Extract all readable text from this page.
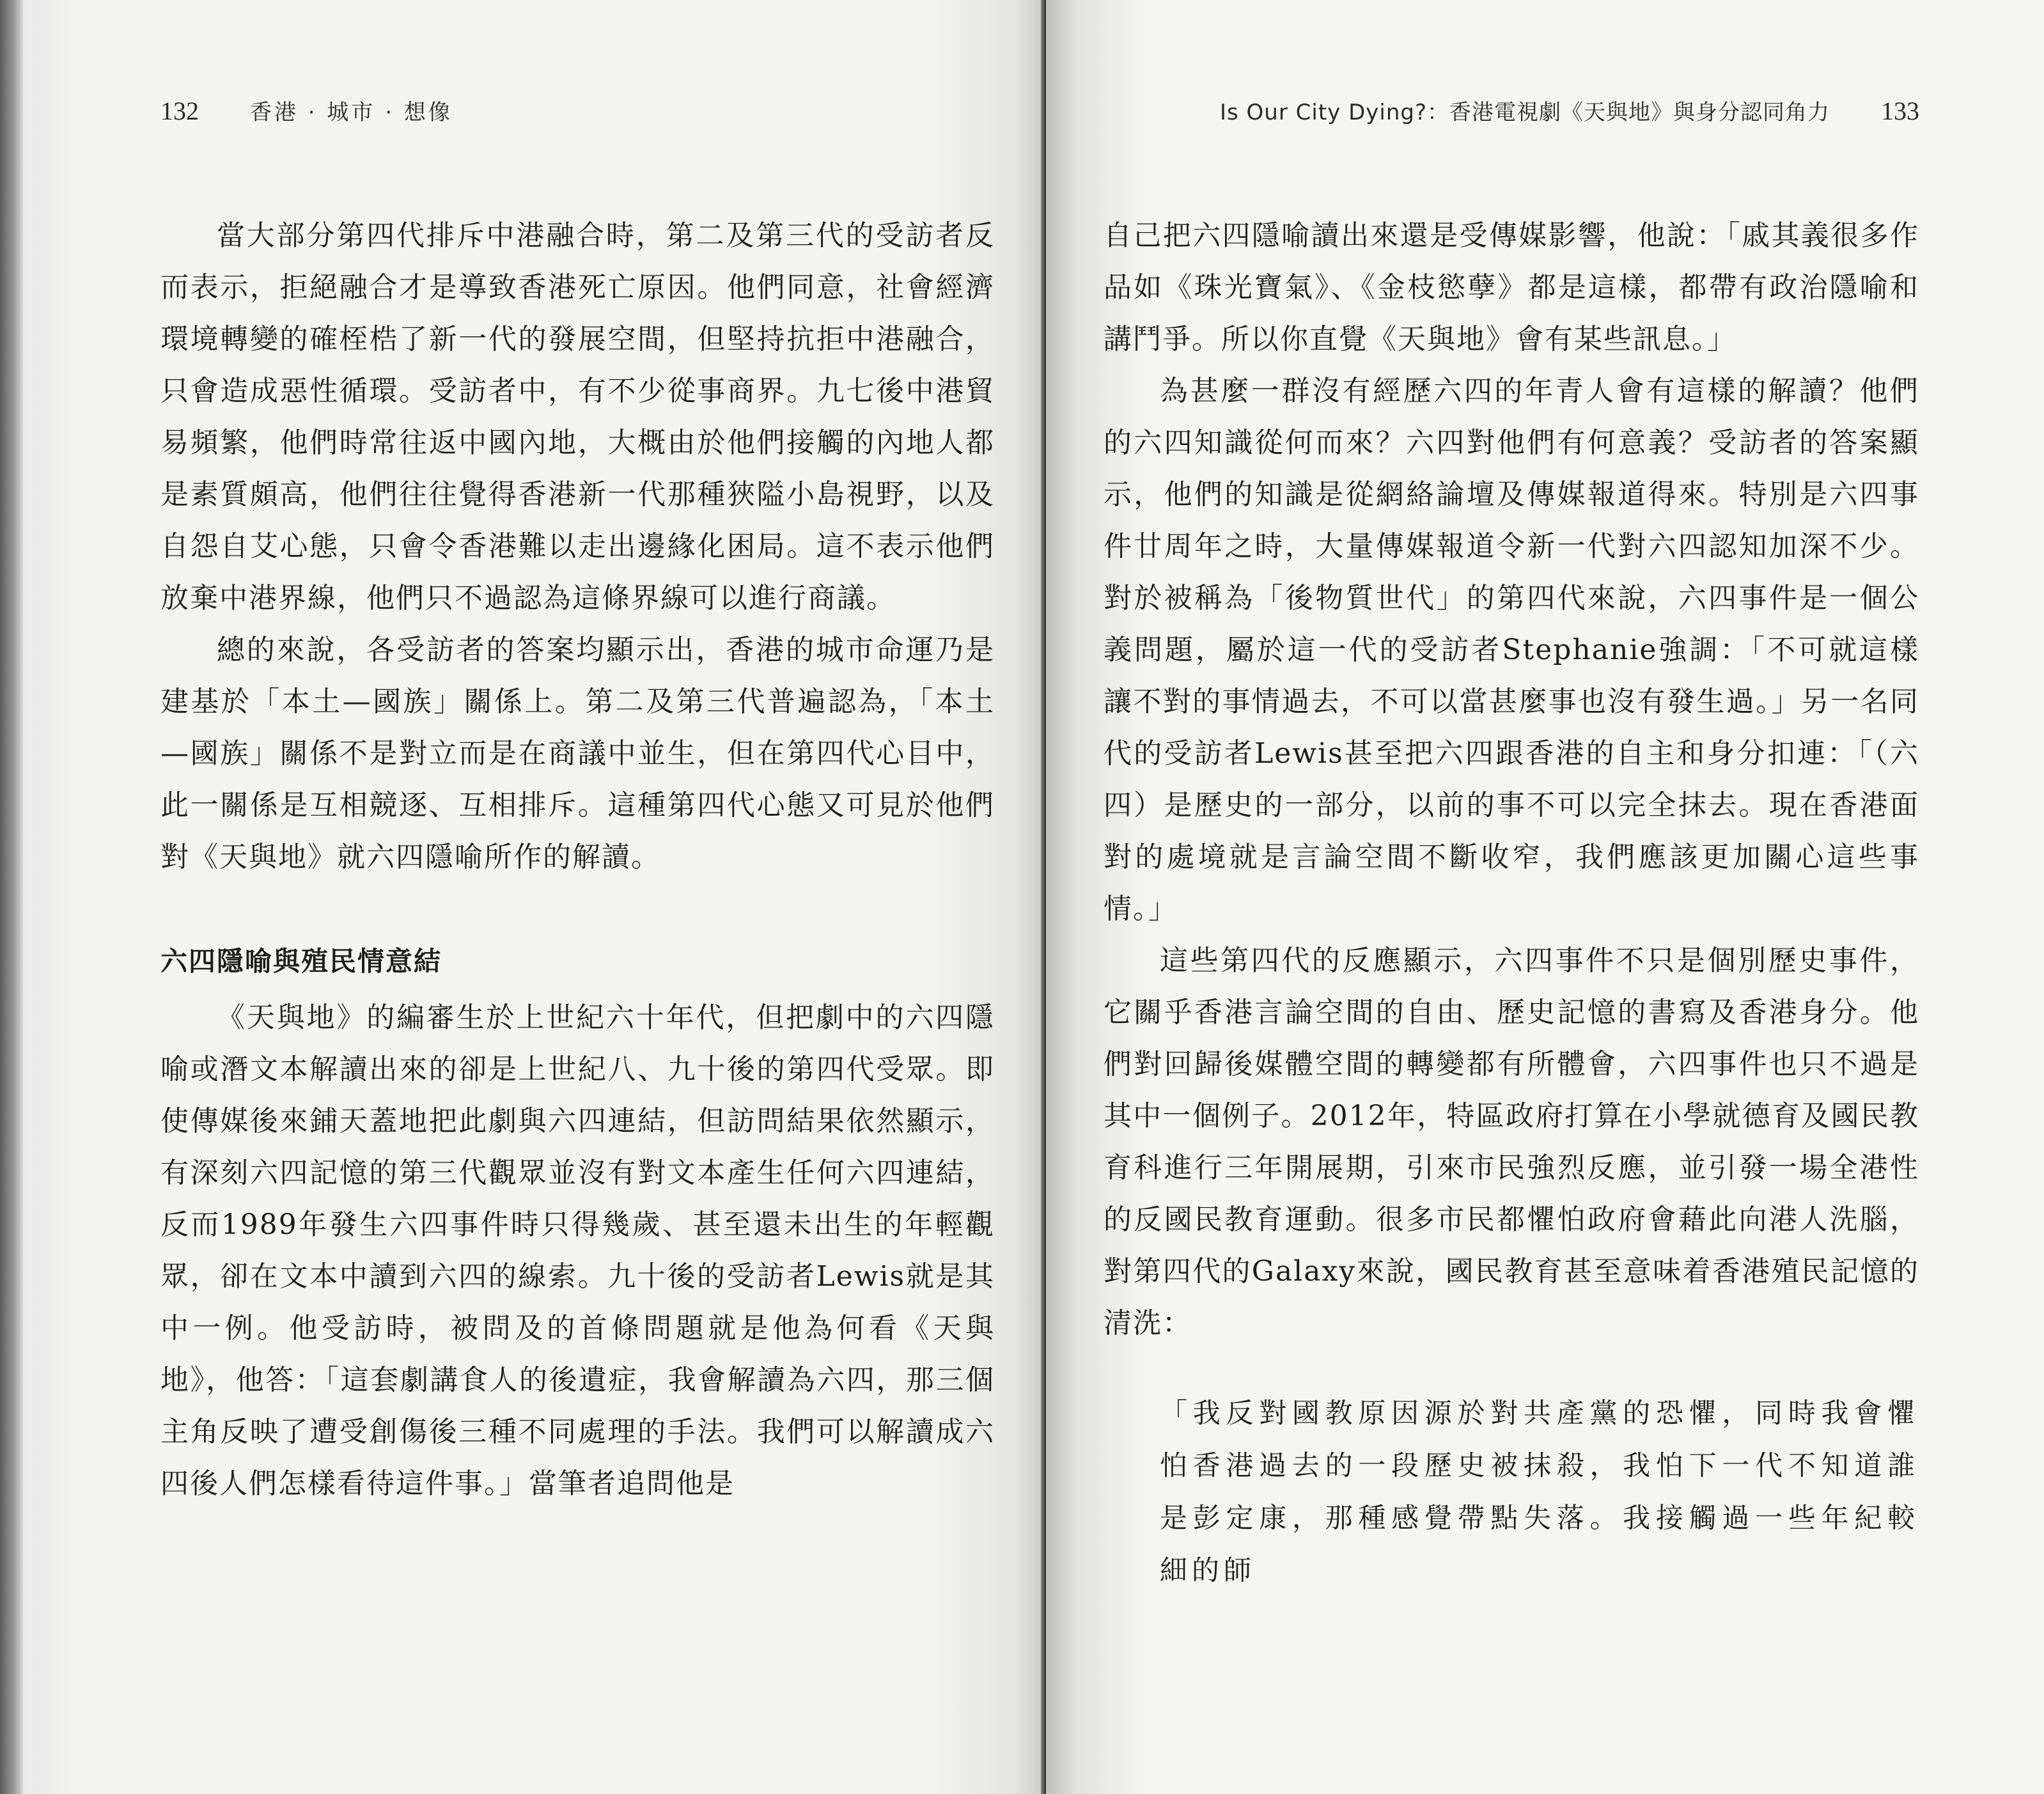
132 香港 · 城市 · 想像

當大部分第四代排斥中港融合時，第二及第三代的受訪者反而表示，拒絕融合才是導致香港死亡原因。他們同意，社會經濟環境轉變的確桎梏了新一代的發展空間，但堅持抗拒中港融合，只會造成惡性循環。受訪者中，有不少從事商界。九七後中港貿易頻繁，他們時常往返中國內地，大概由於他們接觸的內地人都是素質頗高，他們往往覺得香港新一代那種狹隘小島視野，以及自怨自艾心態，只會令香港難以走出邊緣化困局。這不表示他們放棄中港界線，他們只不過認為這條界線可以進行商議。

總的來說，各受訪者的答案均顯示出，香港的城市命運乃是建基於「本土—國族」關係上。第二及第三代普遍認為，「本土—國族」關係不是對立而是在商議中並生，但在第四代心目中，此一關係是互相競逐、互相排斥。這種第四代心態又可見於他們對《天與地》就六四隱喻所作的解讀。

六四隱喻與殖民情意結

《天與地》的編審生於上世紀六十年代，但把劇中的六四隱喻或潛文本解讀出來的卻是上世紀八、九十後的第四代受眾。即使傳媒後來鋪天蓋地把此劇與六四連結，但訪問結果依然顯示，有深刻六四記憶的第三代觀眾並沒有對文本產生任何六四連結，反而1989年發生六四事件時只得幾歲、甚至還未出生的年輕觀眾，卻在文本中讀到六四的線索。九十後的受訪者Lewis就是其中一例。他受訪時，被問及的首條問題就是他為何看《天與地》，他答：「這套劇講食人的後遺症，我會解讀為六四，那三個主角反映了遭受創傷後三種不同處理的手法。我們可以解讀成六四後人們怎樣看待這件事。」當筆者追問他是

Is Our City Dying?：香港電視劇《天與地》與身分認同角力 133

自己把六四隱喻讀出來還是受傳媒影響，他說：「戚其義很多作品如《珠光寶氣》、《金枝慾孽》都是這樣，都帶有政治隱喻和講鬥爭。所以你直覺《天與地》會有某些訊息。」

為甚麼一群沒有經歷六四的年青人會有這樣的解讀？他們的六四知識從何而來？六四對他們有何意義？受訪者的答案顯示，他們的知識是從網絡論壇及傳媒報道得來。特別是六四事件廿周年之時，大量傳媒報道令新一代對六四認知加深不少。對於被稱為「後物質世代」的第四代來說，六四事件是一個公義問題，屬於這一代的受訪者Stephanie強調：「不可就這樣讓不對的事情過去，不可以當甚麼事也沒有發生過。」另一名同代的受訪者Lewis甚至把六四跟香港的自主和身分扣連：「（六四）是歷史的一部分，以前的事不可以完全抹去。現在香港面對的處境就是言論空間不斷收窄，我們應該更加關心這些事情。」

這些第四代的反應顯示，六四事件不只是個別歷史事件，它關乎香港言論空間的自由、歷史記憶的書寫及香港身分。他們對回歸後媒體空間的轉變都有所體會，六四事件也只不過是其中一個例子。2012年，特區政府打算在小學就德育及國民教育科進行三年開展期，引來市民強烈反應，並引發一場全港性的反國民教育運動。很多市民都懼怕政府會藉此向港人洗腦，對第四代的Galaxy來說，國民教育甚至意味着香港殖民記憶的清洗：

「我反對國教原因源於對共產黨的恐懼，同時我會懼怕香港過去的一段歷史被抹殺，我怕下一代不知道誰是彭定康，那種感覺帶點失落。我接觸過一些年紀較細的師
